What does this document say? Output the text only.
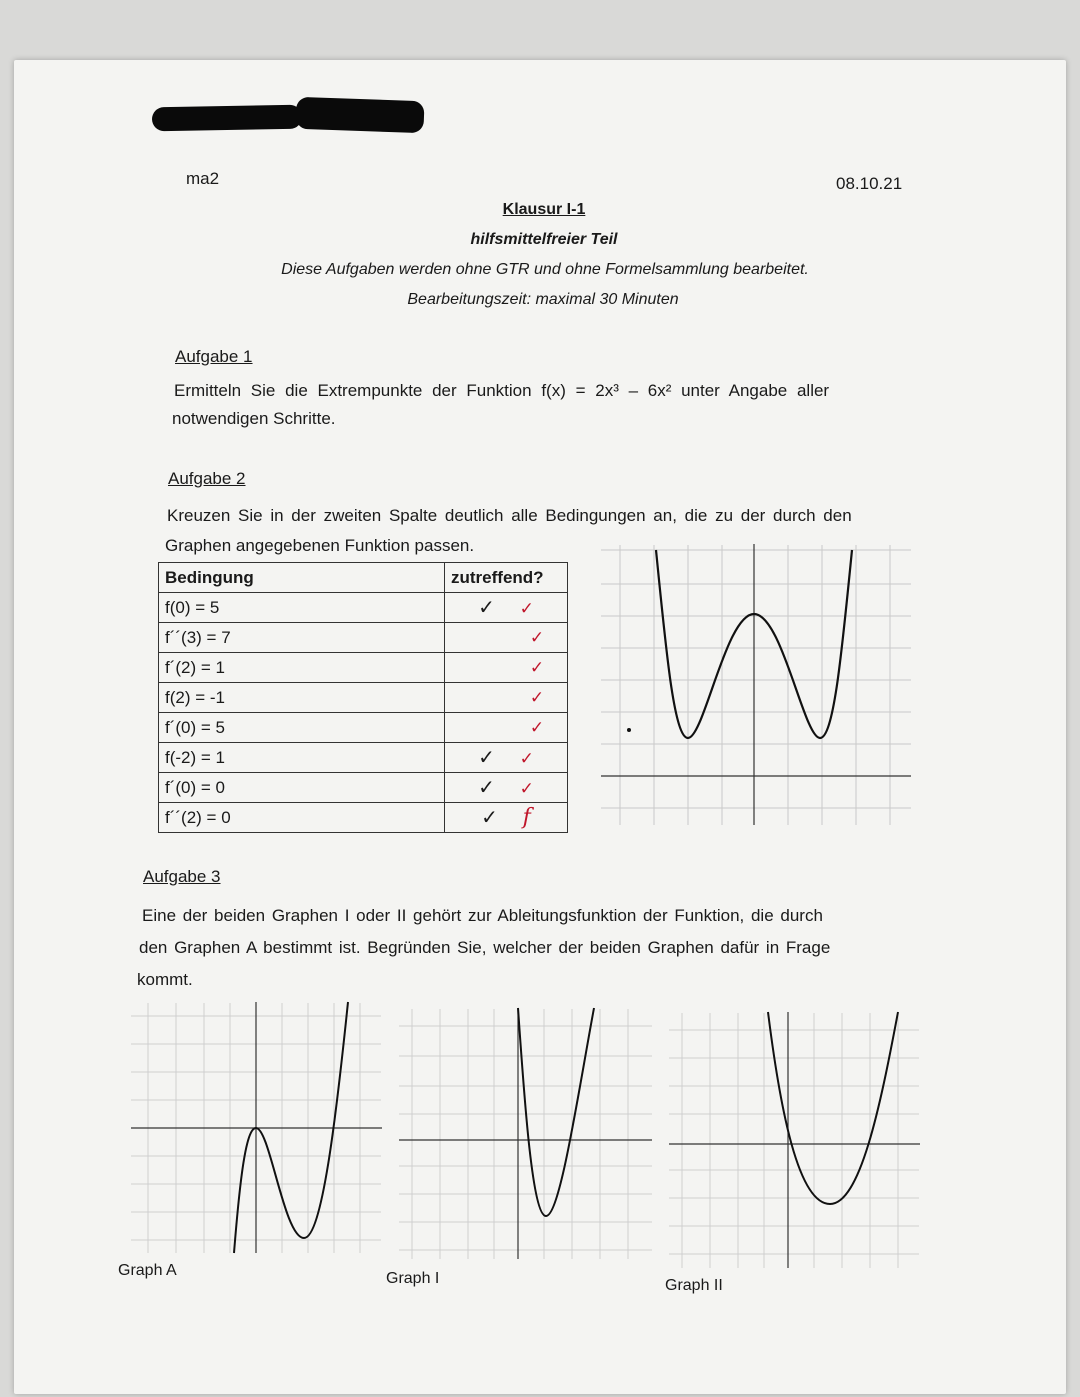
ma2	08.10.21
Klausur I-1
hilfsmittelfreier Teil
Diese Aufgaben werden ohne GTR und ohne Formelsammlung bearbeitet.
Bearbeitungszeit: maximal 30 Minuten
Aufgabe 1
Ermitteln Sie die Extrempunkte der Funktion f(x) = 2x³ – 6x² unter Angabe aller
notwendigen Schritte.
Aufgabe 2
Kreuzen Sie in der zweiten Spalte deutlich alle Bedingungen an, die zu der durch den
Graphen angegebenen Funktion passen.
Bedingung	zutreffend?
f(0) = 5	✓ ✓
f´´(3) = 7	✓
f´(2) = 1	✓
f(2) = -1	✓
f´(0) = 5	✓
f(-2) = 1	✓ ✓
f´(0) = 0	✓ ✓
f´´(2) = 0	✓ f
Aufgabe 3
Eine der beiden Graphen I oder II gehört zur Ableitungsfunktion der Funktion, die durch
den Graphen A bestimmt ist. Begründen Sie, welcher der beiden Graphen dafür in Frage
kommt.
Graph A	Graph I	Graph II
